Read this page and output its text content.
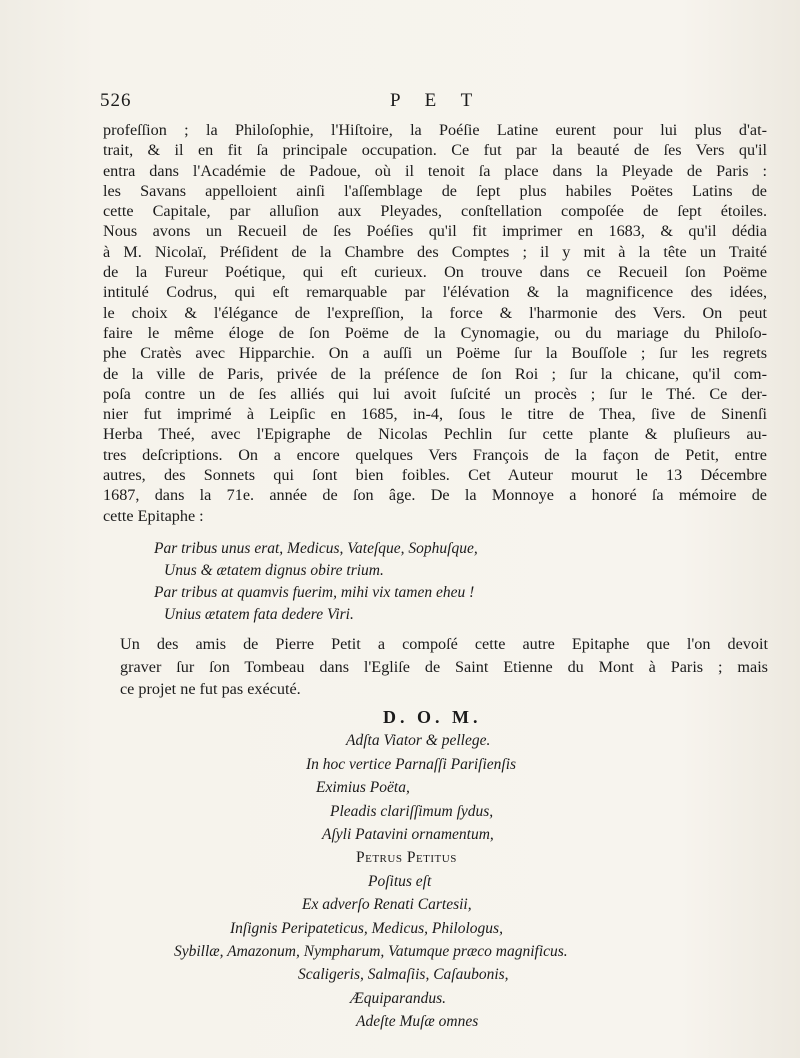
526	P E T
profeſſion ; la Philoſophie, l'Hiſtoire, la Poéſie Latine eurent pour lui plus d'at-
trait, & il en fit ſa principale occupation. Ce fut par la beauté de ſes Vers qu'il
entra dans l'Académie de Padoue, où il tenoit ſa place dans la Pleyade de Paris :
les Savans appelloient ainſi l'aſſemblage de ſept plus habiles Poëtes Latins de
cette Capitale, par alluſion aux Pleyades, conſtellation compoſée de ſept étoiles.
Nous avons un Recueil de ſes Poéſies qu'il fit imprimer en 1683, & qu'il dédia
à M. Nicolaï, Préſident de la Chambre des Comptes ; il y mit à la tête un Traité
de la Fureur Poétique, qui eſt curieux. On trouve dans ce Recueil ſon Poëme
intitulé Codrus, qui eſt remarquable par l'élévation & la magnificence des idées,
le choix & l'élégance de l'expreſſion, la force & l'harmonie des Vers. On peut
faire le même éloge de ſon Poëme de la Cynomagie, ou du mariage du Philoſo-
phe Cratès avec Hipparchie. On a auſſi un Poëme ſur la Bouſſole ; ſur les regrets
de la ville de Paris, privée de la préſence de ſon Roi ; ſur la chicane, qu'il com-
poſa contre un de ſes alliés qui lui avoit ſuſcité un procès ; ſur le Thé. Ce der-
nier fut imprimé à Leipſic en 1685, in-4, ſous le titre de Thea, ſive de Sinenſi
Herba Theé, avec l'Epigraphe de Nicolas Pechlin ſur cette plante & pluſieurs au-
tres deſcriptions. On a encore quelques Vers François de la façon de Petit, entre
autres, des Sonnets qui ſont bien foibles. Cet Auteur mourut le 13 Décembre
1687, dans la 71e. année de ſon âge. De la Monnoye a honoré ſa mémoire de
cette Epitaphe :
Par tribus unus erat, Medicus, Vateſque, Sophuſque,
Unus & ætatem dignus obire trium.
Par tribus at quamvis fuerim, mihi vix tamen eheu !
Unius ætatem fata dedere Viri.
Un des amis de Pierre Petit a compoſé cette autre Epitaphe que l'on devoit
graver ſur ſon Tombeau dans l'Egliſe de Saint Etienne du Mont à Paris ; mais
ce projet ne fut pas exécuté.
D. O. M.
Adſta Viator & pellege.
In hoc vertice Parnaſſi Pariſienſis
Eximius Poëta,
Pleadis clariſſimum ſydus,
Aſyli Patavini ornamentum,
Petrus Petitus
Poſitus eſt
Ex adverſo Renati Cartesii,
Inſignis Peripateticus, Medicus, Philologus,
Sybillæ, Amazonum, Nympharum, Vatumque præco magnificus.
Scaligeris, Salmaſiis, Caſaubonis,
Æquiparandus.
Adeſte Muſæ omnes
